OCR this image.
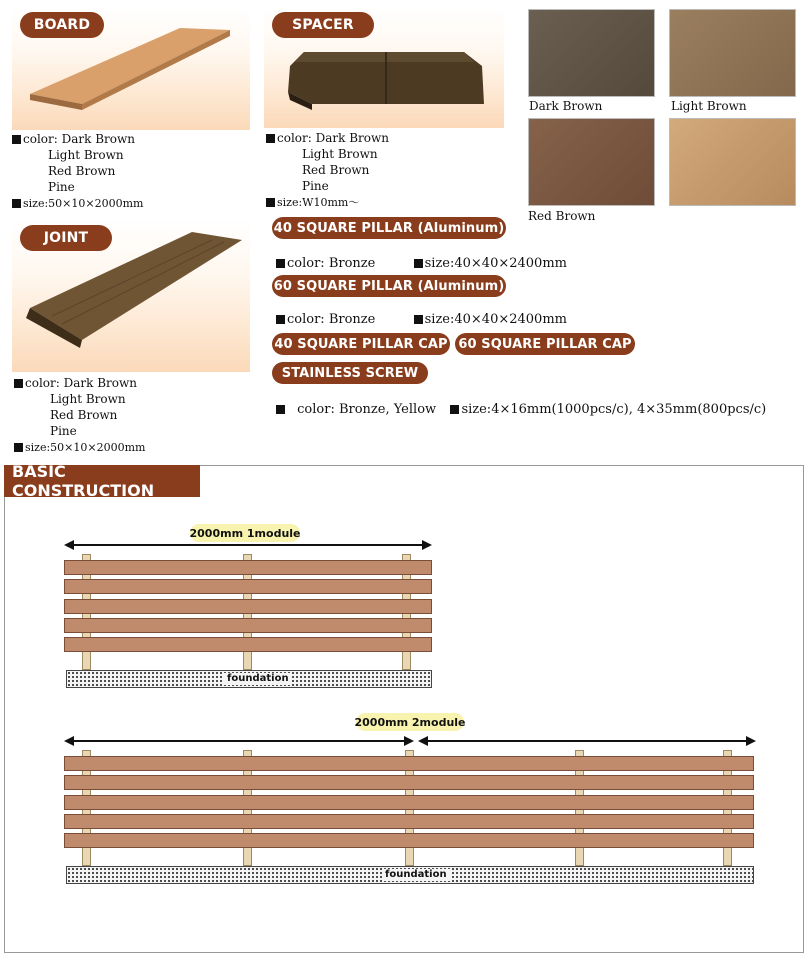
BOARD
color: Dark Brown
Light Brown
Red Brown
Pine
size:50×10×2000mm
SPACER
color: Dark Brown
Light Brown
Red Brown
Pine
size:W10mm～
Dark Brown	Light Brown
Red Brown
JOINT
color: Dark Brown
Light Brown
Red Brown
Pine
size:50×10×2000mm
40 SQUARE PILLAR (Aluminum)
color: Bronze	size:40×40×2400mm
60 SQUARE PILLAR (Aluminum)
color: Bronze	size:40×40×2400mm
40 SQUARE PILLAR CAP 60 SQUARE PILLAR CAP
STAINLESS SCREW
color: Bronze, Yellow size:4×16mm(1000pcs/c), 4×35mm(800pcs/c)
BASIC CONSTRUCTION
2000mm
1module
foundation
2000mm
2module
foundation
